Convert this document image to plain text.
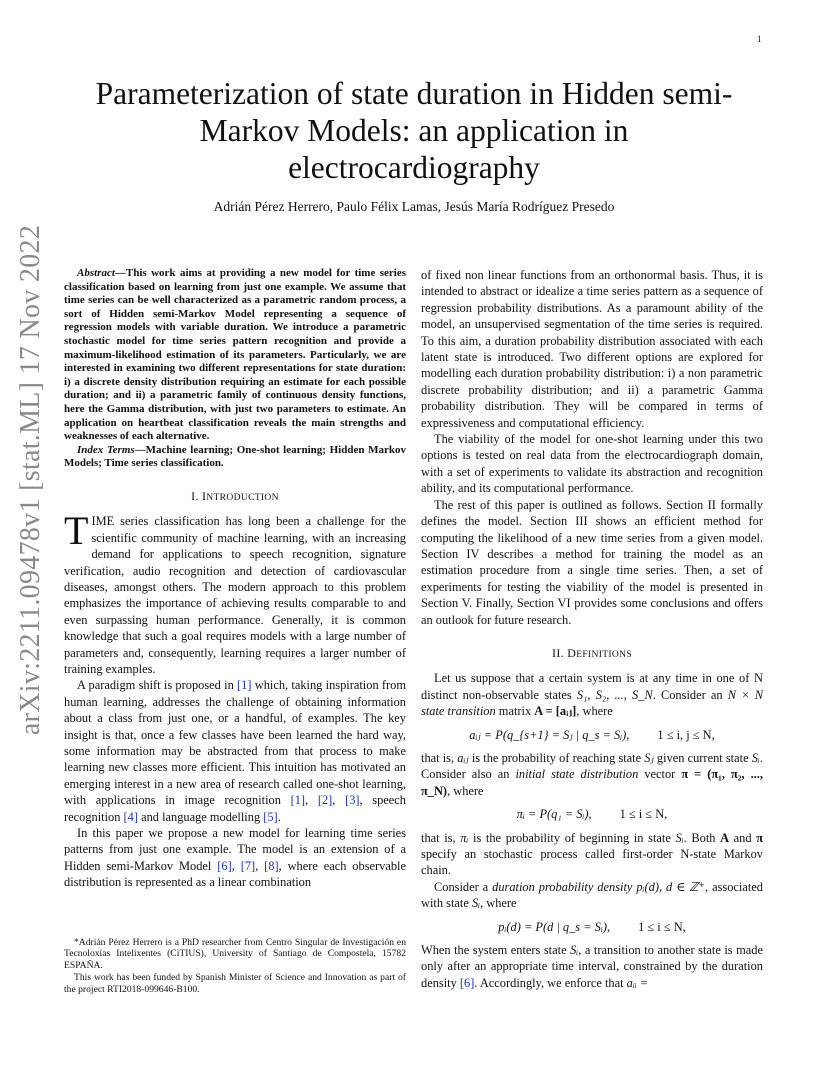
1
arXiv:2211.09478v1 [stat.ML] 17 Nov 2022
Parameterization of state duration in Hidden semi-Markov Models: an application in electrocardiography
Adrián Pérez Herrero, Paulo Félix Lamas, Jesús María Rodríguez Presedo

Abstract—This work aims at providing a new model for time series classification based on learning from just one example. We assume that time series can be well characterized as a parametric random process, a sort of Hidden semi-Markov Model representing a sequence of regression models with variable duration. We introduce a parametric stochastic model for time series pattern recognition and provide a maximum-likelihood estimation of its parameters. Particularly, we are interested in examining two different representations for state duration: i) a discrete density distribution requiring an estimate for each possible duration; and ii) a parametric family of continuous density functions, here the Gamma distribution, with just two parameters to estimate. An application on heartbeat classification reveals the main strengths and weaknesses of each alternative.

Index Terms—Machine learning; One-shot learning; Hidden Markov Models; Time series classification.

I. INTRODUCTION

TIME series classification has long been a challenge for the scientific community of machine learning, with an increasing demand for applications to speech recognition, signature verification, audio recognition and detection of cardiovascular diseases, amongst others. The modern approach to this problem emphasizes the importance of achieving results comparable to and even surpassing human performance. Generally, it is common knowledge that such a goal requires models with a large number of parameters and, consequently, learning requires a larger number of training examples.

A paradigm shift is proposed in [1] which, taking inspiration from human learning, addresses the challenge of obtaining information about a class from just one, or a handful, of examples. The key insight is that, once a few classes have been learned the hard way, some information may be abstracted from that process to make learning new classes more efficient. This intuition has motivated an emerging interest in a new area of research called one-shot learning, with applications in image recognition [1], [2], [3], speech recognition [4] and language modelling [5].

In this paper we propose a new model for learning time series patterns from just one example. The model is an extension of a Hidden semi-Markov Model [6], [7], [8], where each observable distribution is represented as a linear combination

*Adrián Pérez Herrero is a PhD researcher from Centro Singular de Investigación en Tecnoloxías Intelixentes (CiTIUS), University of Santiago de Compostela, 15782 ESPAÑA.

This work has been funded by Spanish Minister of Science and Innovation as part of the project RTI2018-099646-B100.

of fixed non linear functions from an orthonormal basis. Thus, it is intended to abstract or idealize a time series pattern as a sequence of regression probability distributions. As a paramount ability of the model, an unsupervised segmentation of the time series is required. To this aim, a duration probability distribution associated with each latent state is introduced. Two different options are explored for modelling each duration probability distribution: i) a non parametric discrete probability distribution; and ii) a parametric Gamma probability distribution. They will be compared in terms of expressiveness and computational efficiency.

The viability of the model for one-shot learning under this two options is tested on real data from the electrocardiograph domain, with a set of experiments to validate its abstraction and recognition ability, and its computational performance.

The rest of this paper is outlined as follows. Section II formally defines the model. Section III shows an efficient method for computing the likelihood of a new time series from a given model. Section IV describes a method for training the model as an estimation procedure from a single time series. Then, a set of experiments for testing the viability of the model is presented in Section V. Finally, Section VI provides some conclusions and offers an outlook for future research.

II. DEFINITIONS

Let us suppose that a certain system is at any time in one of N distinct non-observable states S₁, S₂, ..., S_N. Consider an N × N state transition matrix A = [aᵢⱼ], where

aᵢⱼ = P(q_{s+1} = Sⱼ | q_s = Sᵢ), 1 ≤ i, j ≤ N,

that is, aᵢⱼ is the probability of reaching state Sⱼ given current state Sᵢ. Consider also an initial state distribution vector π = (π₁, π₂, ..., π_N), where

πᵢ = P(q₁ = Sᵢ), 1 ≤ i ≤ N,

that is, πᵢ is the probability of beginning in state Sᵢ. Both A and π specify an stochastic process called first-order N-state Markov chain.

Consider a duration probability density pᵢ(d), d ∈ ℤ⁺, associated with state Sᵢ, where

pᵢ(d) = P(d | q_s = Sᵢ), 1 ≤ i ≤ N,

When the system enters state Sᵢ, a transition to another state is made only after an appropriate time interval, constrained by the duration density [6]. Accordingly, we enforce that aᵢᵢ =
